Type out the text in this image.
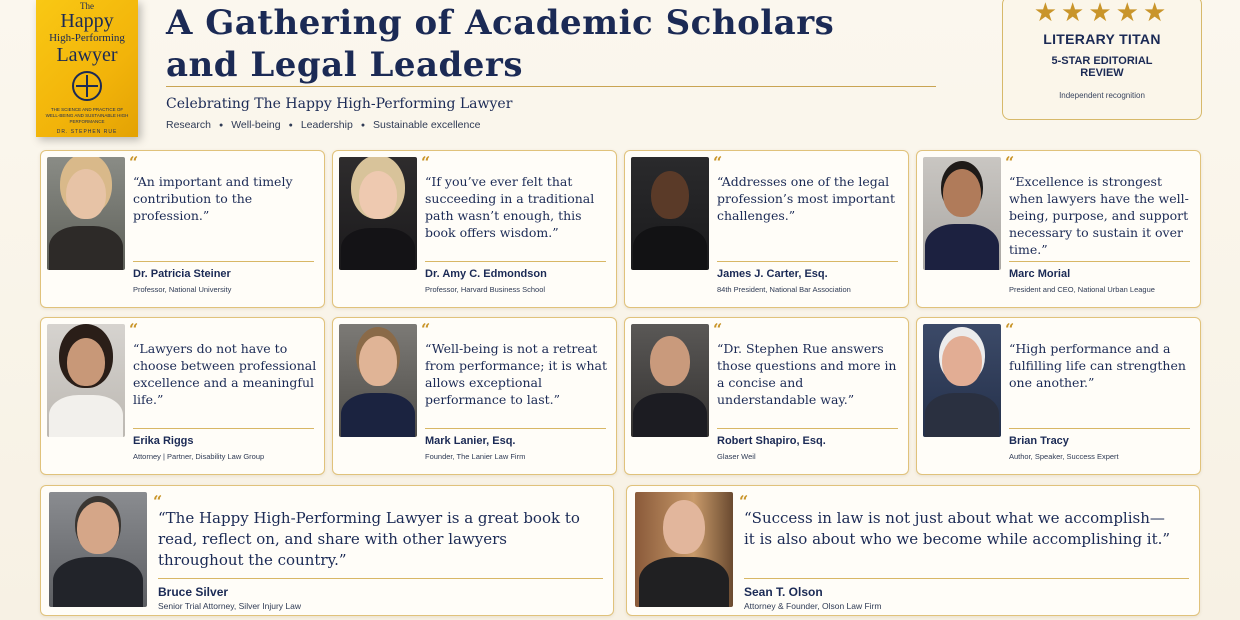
The
Happy
High-Performing
Lawyer
THE SCIENCE AND PRACTICE OF WELL-BEING AND SUSTAINABLE HIGH PERFORMANCE
DR. STEPHEN RUE
A Gathering of Academic Scholars
and Legal Leaders
Celebrating The Happy High-Performing Lawyer
Research ● Well-being ● Leadership ● Sustainable excellence
★★★★★
LITERARY TITAN
5-STAR EDITORIAL REVIEW
Independent recognition
“
“An important and timely contribution to the profession.”
Dr. Patricia Steiner
Professor, National University
“
“If you’ve ever felt that succeeding in a traditional path wasn’t enough, this book offers wisdom.”
Dr. Amy C. Edmondson
Professor, Harvard Business School
“
“Addresses one of the legal profession’s most important challenges.”
James J. Carter, Esq.
84th President, National Bar Association
“
“Excellence is strongest when lawyers have the well-being, purpose, and support necessary to sustain it over time.”
Marc Morial
President and CEO, National Urban League
“
“Lawyers do not have to choose between professional excellence and a meaningful life.”
Erika Riggs
Attorney | Partner, Disability Law Group
“
“Well-being is not a retreat from performance; it is what allows exceptional performance to last.”
Mark Lanier, Esq.
Founder, The Lanier Law Firm
“
“Dr. Stephen Rue answers those questions and more in a concise and understandable way.”
Robert Shapiro, Esq.
Glaser Weil
“
“High performance and a fulfilling life can strengthen one another.”
Brian Tracy
Author, Speaker, Success Expert
“
“The Happy High-Performing Lawyer is a great book to read, reflect on, and share with other lawyers throughout the country.”
Bruce Silver
Senior Trial Attorney, Silver Injury Law
“
“Success in law is not just about what we accomplish—it is also about who we become while accomplishing it.”
Sean T. Olson
Attorney & Founder, Olson Law Firm
